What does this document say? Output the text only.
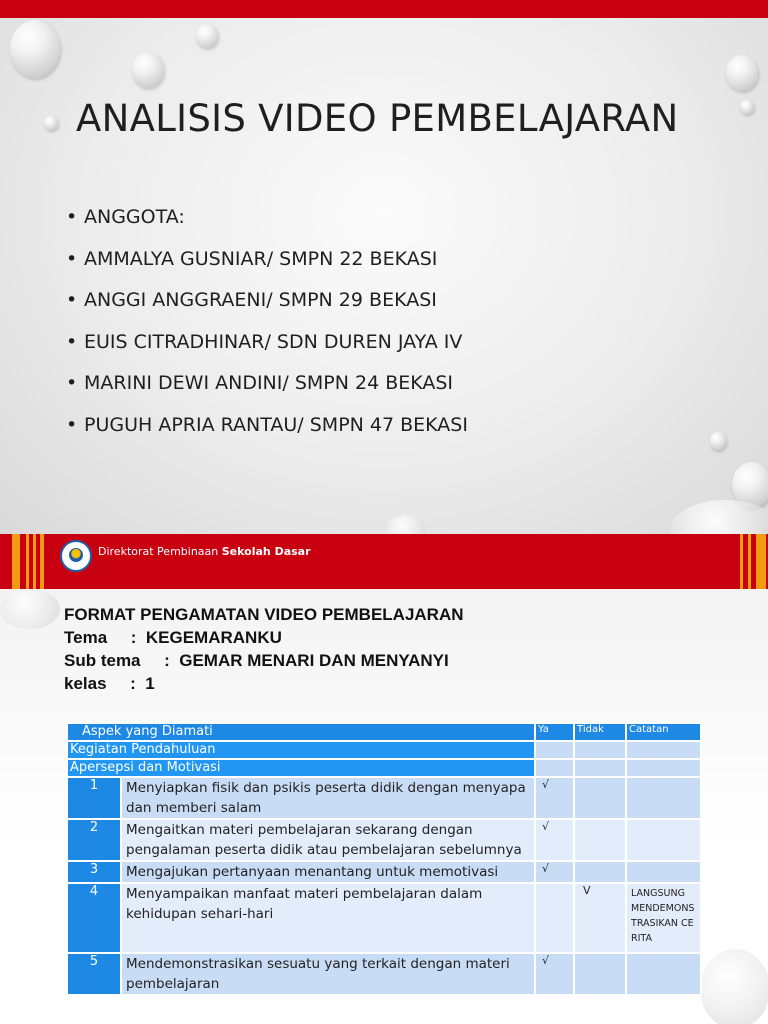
ANALISIS VIDEO PEMBELAJARAN
• ANGGOTA:
• AMMALYA GUSNIAR/ SMPN 22 BEKASI
• ANGGI ANGGRAENI/ SMPN 29 BEKASI
• EUIS CITRADHINAR/ SDN DUREN JAYA IV
• MARINI DEWI ANDINI/ SMPN 24 BEKASI
• PUGUH APRIA RANTAU/ SMPN 47 BEKASI
Direktorat Pembinaan Sekolah Dasar
FORMAT PENGAMATAN VIDEO PEMBELAJARAN
Tema     :  KEGEMARANKU
Sub tema     :  GEMAR MENARI DAN MENYANYI
kelas     :  1
Aspek yang Diamati		Ya	Tidak	Catatan
Kegiatan Pendahuluan				
Apersepsi dan Motivasi				
1	Menyiapkan fisik dan psikis peserta didik dengan menyapa dan memberi salam	√		
2	Mengaitkan materi pembelajaran sekarang dengan pengalaman peserta didik atau pembelajaran sebelumnya	√		
3	Mengajukan pertanyaan menantang untuk memotivasi	√		
4	Menyampaikan manfaat materi pembelajaran dalam kehidupan sehari-hari		V	LANGSUNG MENDEMONSTRASIKAN CERITA
5	Mendemonstrasikan sesuatu yang terkait dengan materi pembelajaran	√		
